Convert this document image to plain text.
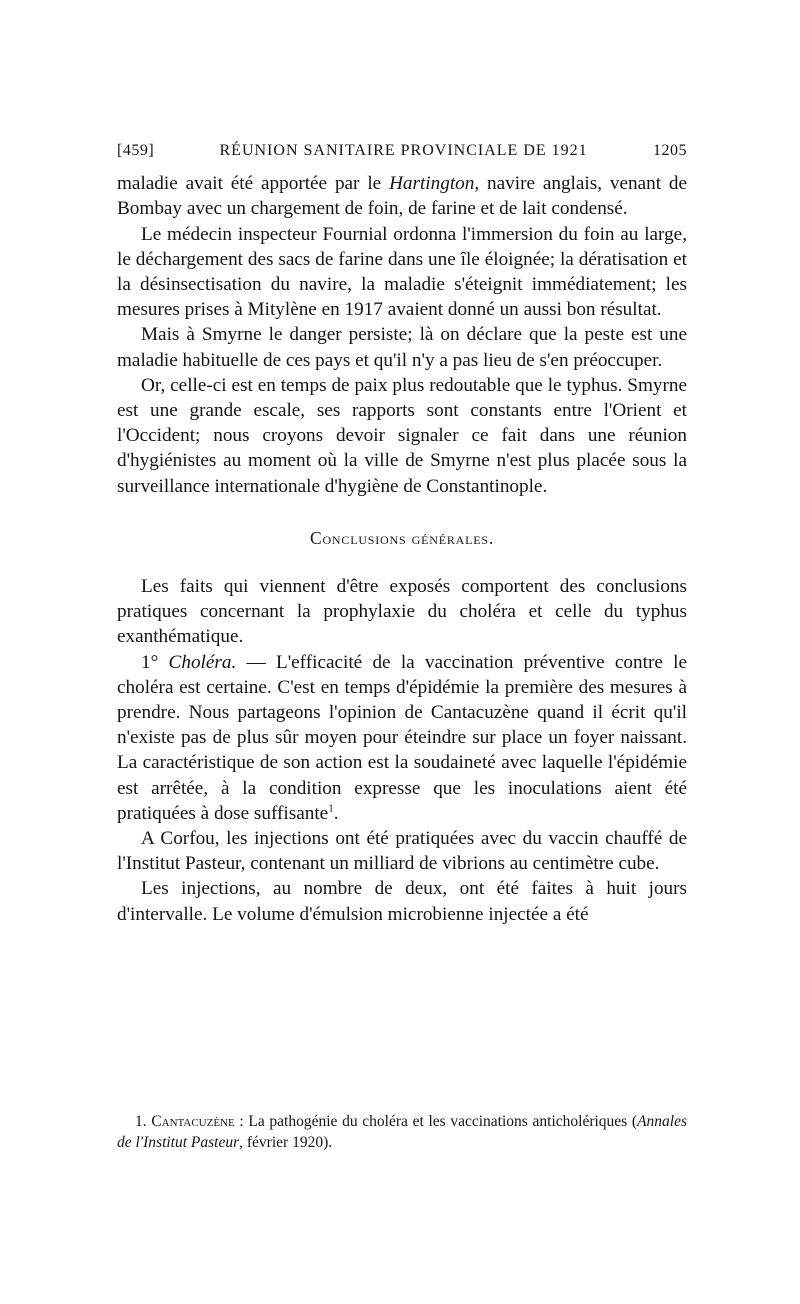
[459]	RÉUNION SANITAIRE PROVINCIALE DE 1921	1205

maladie avait été apportée par le Hartington, navire anglais, venant de Bombay avec un chargement de foin, de farine et de lait condensé.

Le médecin inspecteur Fournial ordonna l'immersion du foin au large, le déchargement des sacs de farine dans une île éloignée; la dératisation et la désinsectisation du navire, la maladie s'éteignit immédiatement; les mesures prises à Mitylène en 1917 avaient donné un aussi bon résultat.

Mais à Smyrne le danger persiste; là on déclare que la peste est une maladie habituelle de ces pays et qu'il n'y a pas lieu de s'en préoccuper.

Or, celle-ci est en temps de paix plus redoutable que le typhus. Smyrne est une grande escale, ses rapports sont constants entre l'Orient et l'Occident; nous croyons devoir signaler ce fait dans une réunion d'hygiénistes au moment où la ville de Smyrne n'est plus placée sous la surveillance internationale d'hygiène de Constantinople.

Conclusions générales.

Les faits qui viennent d'être exposés comportent des conclusions pratiques concernant la prophylaxie du choléra et celle du typhus exanthématique.

1° Choléra. — L'efficacité de la vaccination préventive contre le choléra est certaine. C'est en temps d'épidémie la première des mesures à prendre. Nous partageons l'opinion de Cantacuzène quand il écrit qu'il n'existe pas de plus sûr moyen pour éteindre sur place un foyer naissant. La caractéristique de son action est la soudaineté avec laquelle l'épidémie est arrêtée, à la condition expresse que les inoculations aient été pratiquées à dose suffisante$^1$.

A Corfou, les injections ont été pratiquées avec du vaccin chauffé de l'Institut Pasteur, contenant un milliard de vibrions au centimètre cube.

Les injections, au nombre de deux, ont été faites à huit jours d'intervalle. Le volume d'émulsion microbienne injectée a été

1. Cantacuzène : La pathogénie du choléra et les vaccinations anticholériques (Annales de l'Institut Pasteur, février 1920).
